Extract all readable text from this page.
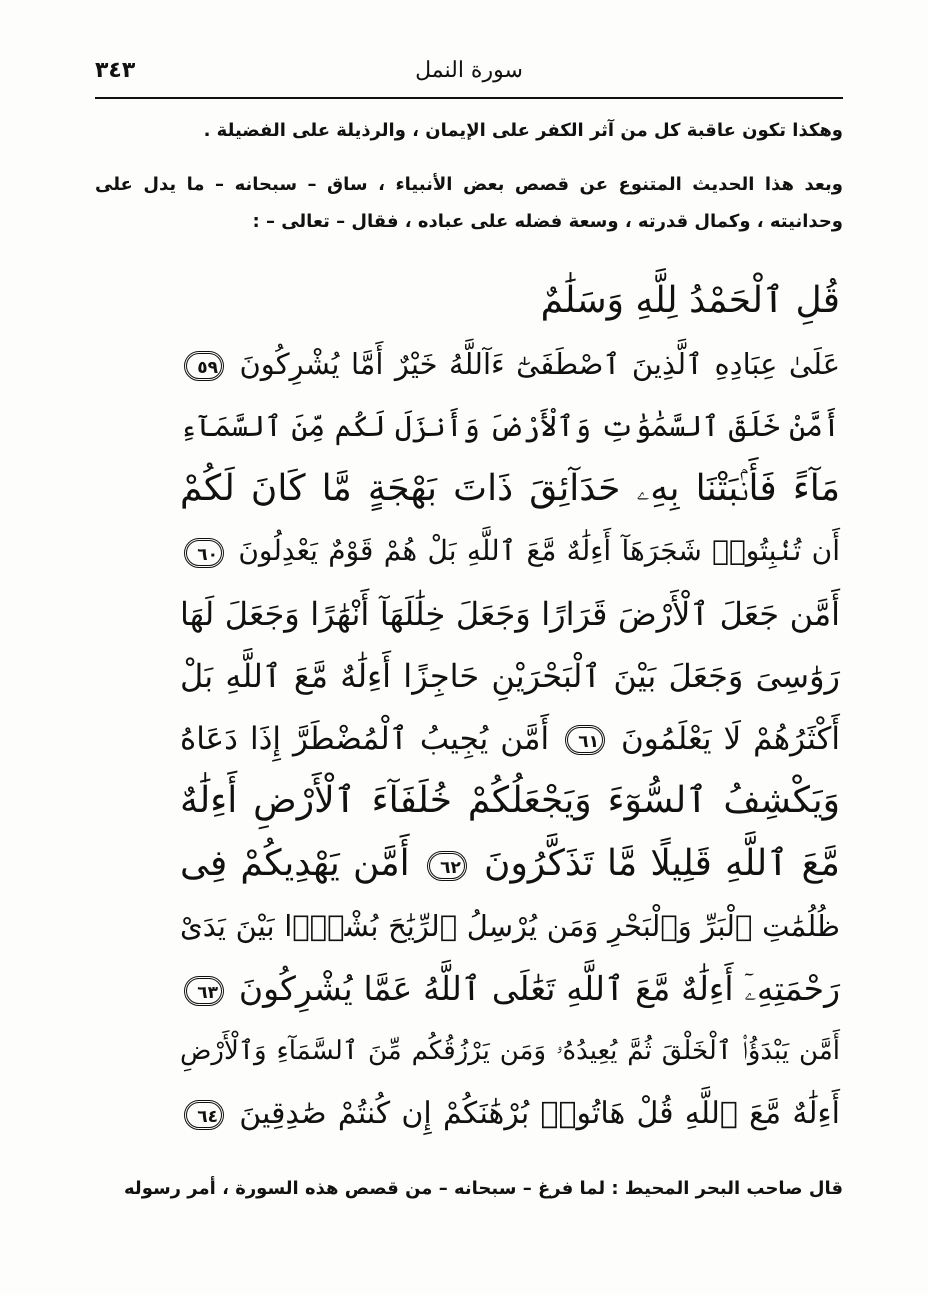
٣٤٣	سورة النمل

وهكذا تكون عاقبة كل من آثر الكفر على الإيمان ، والرذيلة على الفضيلة .

وبعد هذا الحديث المتنوع عن قصص بعض الأنبياء ، ساق – سبحانه – ما يدل على وحدانيته ، وكمال قدرته ، وسعة فضله على عباده ، فقال – تعالى – :

قُلِ ٱلْحَمْدُ لِلَّهِ وَسَلَٰمٌ
عَلَىٰ عِبَادِهِ ٱلَّذِينَ ٱصْطَفَىٰٓ ءَآللَّهُ خَيْرٌ أَمَّا يُشْرِكُونَ ٥٩
أَمَّنْ خَلَقَ ٱلسَّمَٰوَٰتِ وَٱلْأَرْضَ وَأَنزَلَ لَكُم مِّنَ ٱلسَّمَآءِ
مَآءً فَأَنۢبَتْنَا بِهِۦ حَدَآئِقَ ذَاتَ بَهْجَةٍ مَّا كَانَ لَكُمْ
أَن تُنۢبِتُوا۟ شَجَرَهَآ أَءِلَٰهٌ مَّعَ ٱللَّهِ بَلْ هُمْ قَوْمٌ يَعْدِلُونَ ٦٠
أَمَّن جَعَلَ ٱلْأَرْضَ قَرَارًا وَجَعَلَ خِلَٰلَهَآ أَنْهَٰرًا وَجَعَلَ لَهَا
رَوَٰسِىَ وَجَعَلَ بَيْنَ ٱلْبَحْرَيْنِ حَاجِزًا أَءِلَٰهٌ مَّعَ ٱللَّهِ بَلْ
أَكْثَرُهُمْ لَا يَعْلَمُونَ ٦١ أَمَّن يُجِيبُ ٱلْمُضْطَرَّ إِذَا دَعَاهُ
وَيَكْشِفُ ٱلسُّوٓءَ وَيَجْعَلُكُمْ خُلَفَآءَ ٱلْأَرْضِ أَءِلَٰهٌ
مَّعَ ٱللَّهِ قَلِيلًا مَّا تَذَكَّرُونَ ٦٢ أَمَّن يَهْدِيكُمْ فِى
ظُلُمَٰتِ ٱلْبَرِّ وَٱلْبَحْرِ وَمَن يُرْسِلُ ٱلرِّيَٰحَ بُشْرًۢا بَيْنَ يَدَىْ
رَحْمَتِهِۦٓ أَءِلَٰهٌ مَّعَ ٱللَّهِ تَعَٰلَى ٱللَّهُ عَمَّا يُشْرِكُونَ ٦٣
أَمَّن يَبْدَؤُا۟ ٱلْخَلْقَ ثُمَّ يُعِيدُهُۥ وَمَن يَرْزُقُكُم مِّنَ ٱلسَّمَآءِ وَٱلْأَرْضِ
أَءِلَٰهٌ مَّعَ ٱللَّهِ قُلْ هَاتُوا۟ بُرْهَٰنَكُمْ إِن كُنتُمْ صَٰدِقِينَ ٦٤
قال صاحب البحر المحيط : لما فرغ – سبحانه – من قصص هذه السورة ، أمر رسوله
